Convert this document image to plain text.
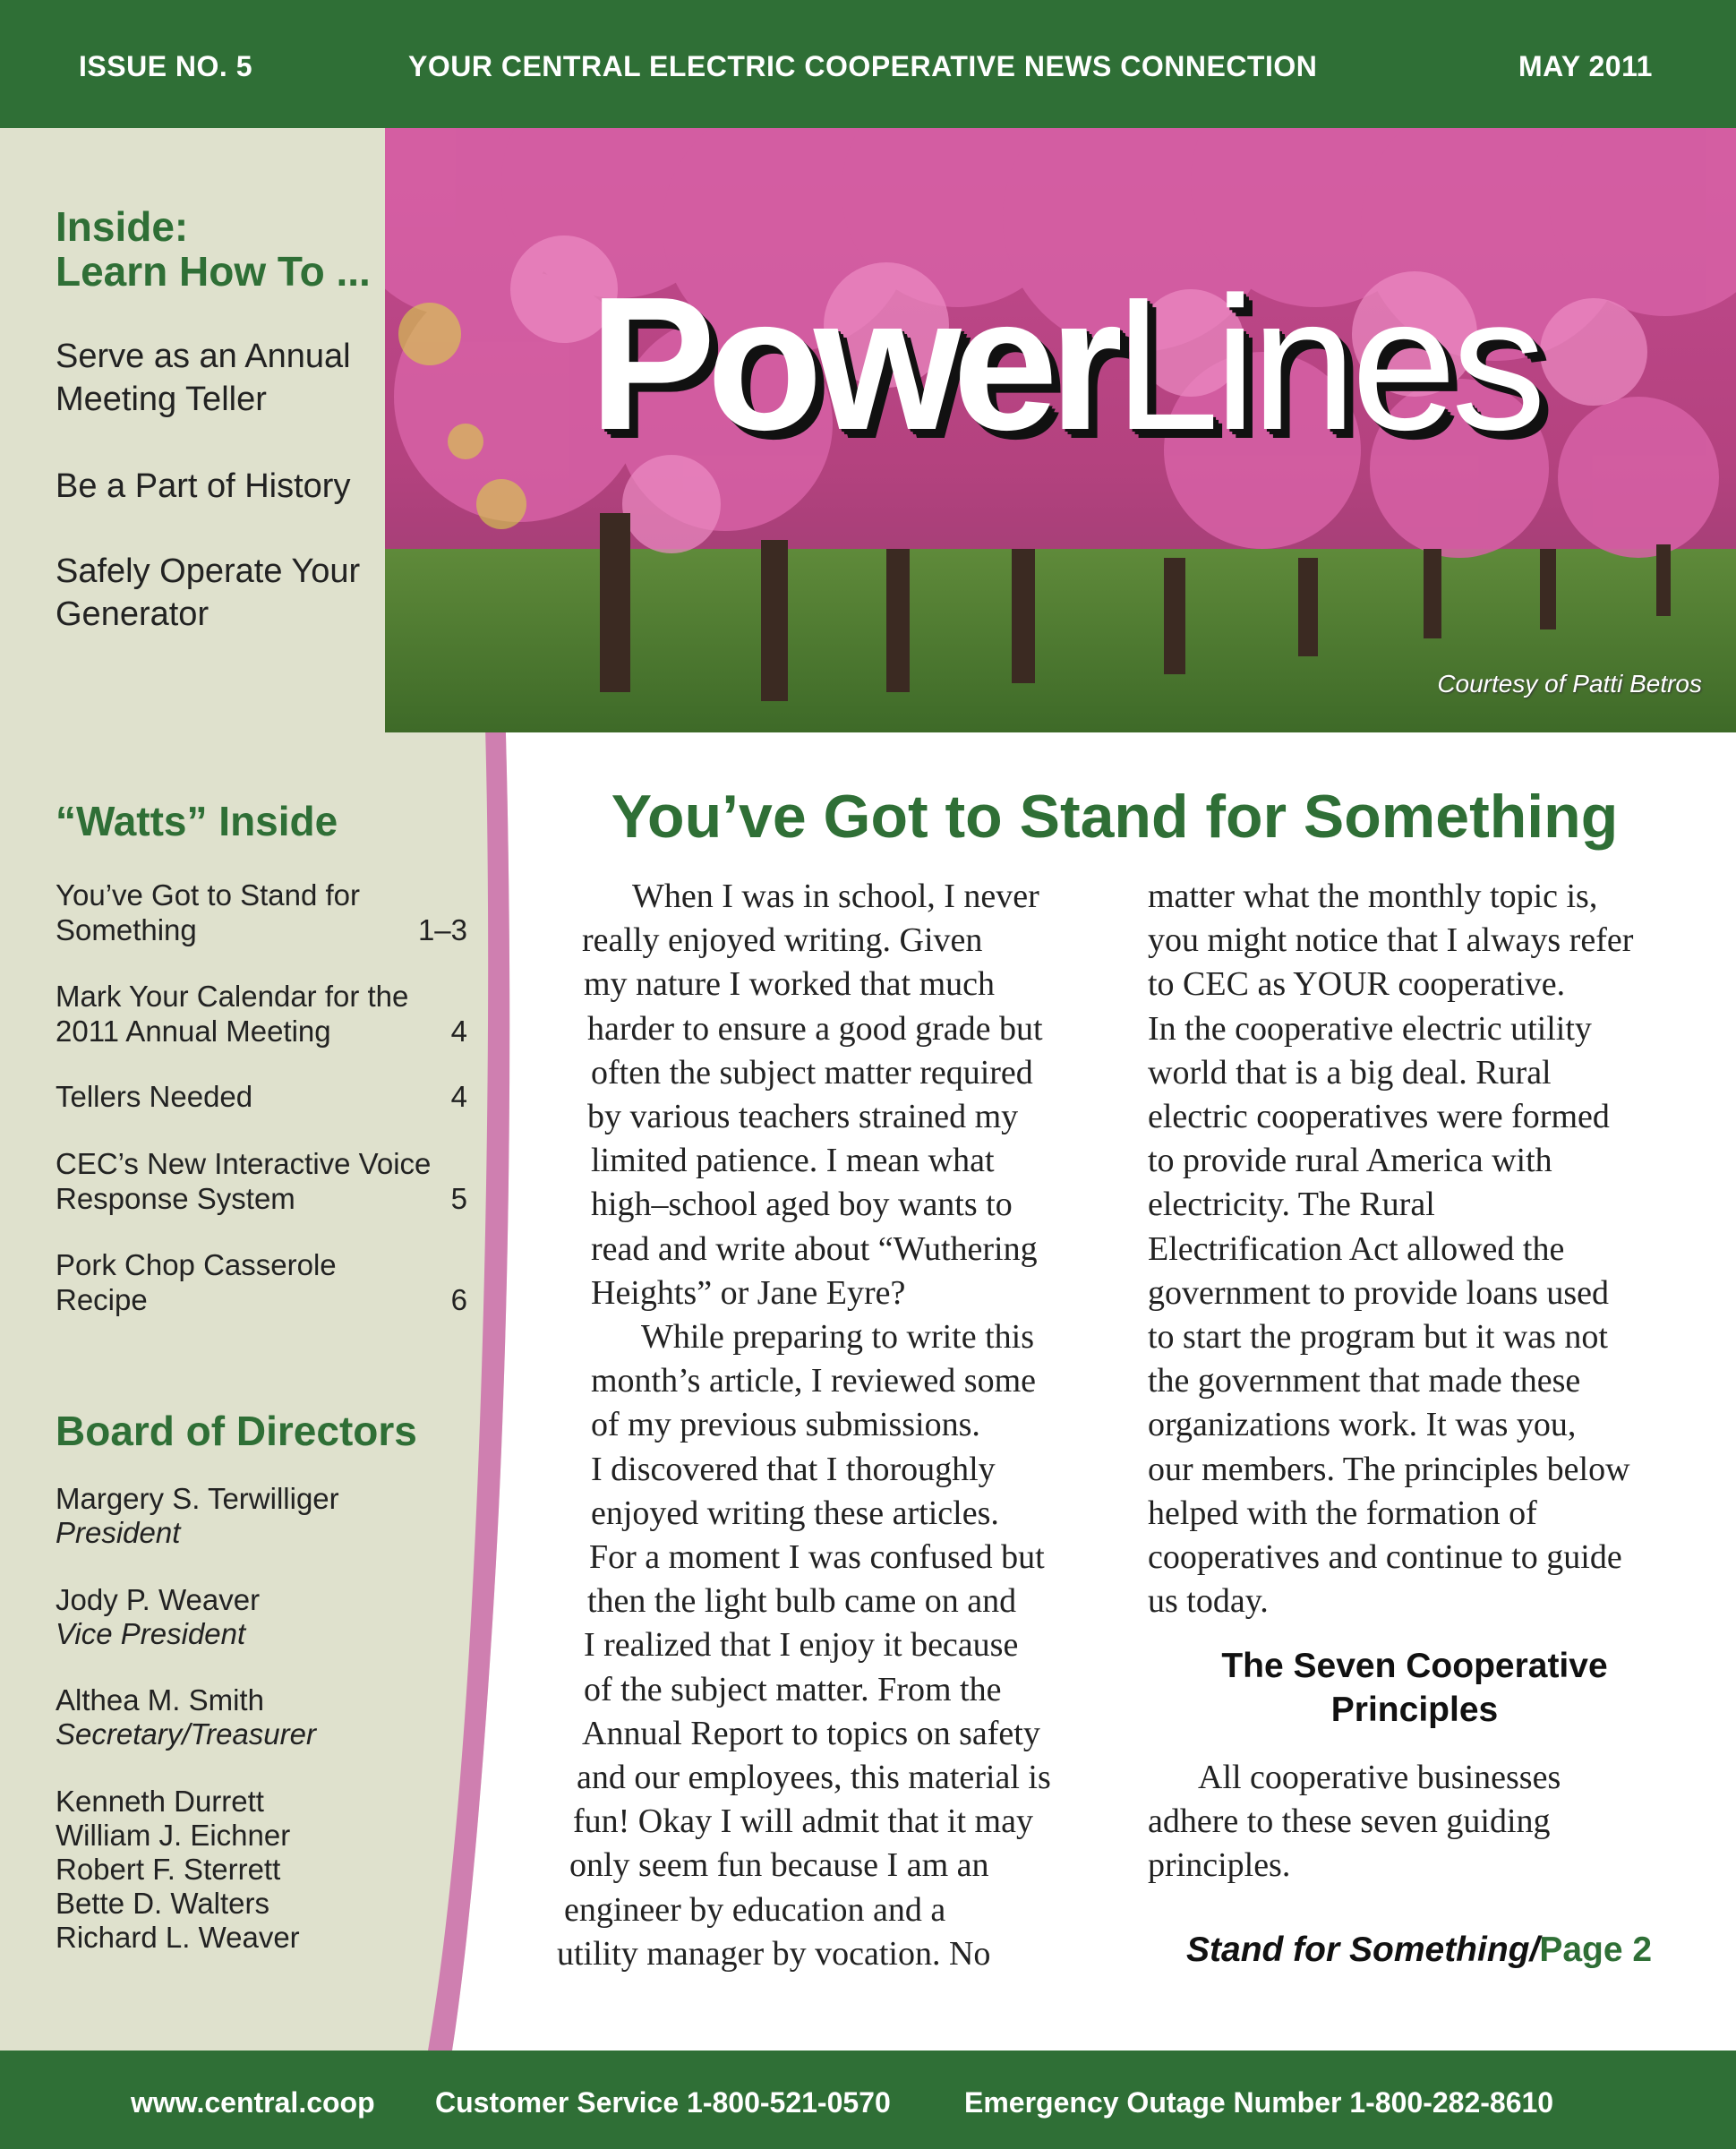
ISSUE NO. 5	YOUR CENTRAL ELECTRIC COOPERATIVE NEWS CONNECTION	MAY 2011
PowerLines
Courtesy of Patti Betros
Inside:
Learn How To ...
Serve as an Annual
Meeting Teller
Be a Part of History
Safely Operate Your
Generator
“Watts” Inside
You’ve Got to Stand for
Something	1–3
Mark Your Calendar for the
2011 Annual Meeting	4
Tellers Needed	4
CEC’s New Interactive Voice
Response System	5
Pork Chop Casserole
Recipe	6
Board of Directors
Margery S. Terwilliger
President
Jody P. Weaver
Vice President
Althea M. Smith
Secretary/Treasurer
Kenneth Durrett
William J. Eichner
Robert F. Sterrett
Bette D. Walters
Richard L. Weaver
You’ve Got to Stand for Something
When I was in school, I never
really enjoyed writing. Given
my nature I worked that much
harder to ensure a good grade but
often the subject matter required
by various teachers strained my
limited patience. I mean what
high–school aged boy wants to
read and write about “Wuthering
Heights” or Jane Eyre?
While preparing to write this
month’s article, I reviewed some
of my previous submissions.
I discovered that I thoroughly
enjoyed writing these articles.
For a moment I was confused but
then the light bulb came on and
I realized that I enjoy it because
of the subject matter. From the
Annual Report to topics on safety
and our employees, this material is
fun! Okay I will admit that it may
only seem fun because I am an
engineer by education and a
utility manager by vocation. No
matter what the monthly topic is,
you might notice that I always refer
to CEC as YOUR cooperative.
In the cooperative electric utility
world that is a big deal. Rural
electric cooperatives were formed
to provide rural America with
electricity. The Rural
Electrification Act allowed the
government to provide loans used
to start the program but it was not
the government that made these
organizations work. It was you,
our members. The principles below
helped with the formation of
cooperatives and continue to guide
us today.
The Seven Cooperative
Principles
All cooperative businesses
adhere to these seven guiding
principles.
Stand for Something/Page 2
www.central.coop Customer Service 1-800-521-0570	Emergency Outage Number 1-800-282-8610
